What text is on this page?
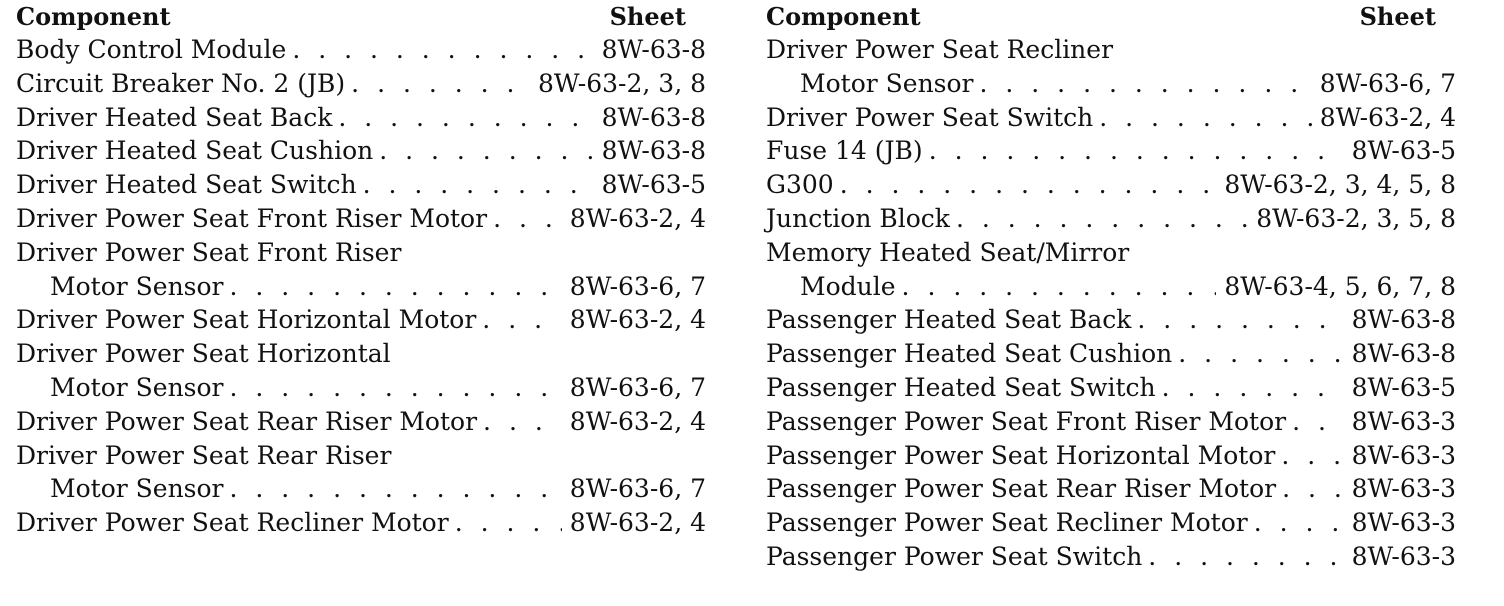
Component	Sheet
Body Control Module . . .	8W-63-8
Circuit Breaker No. 2 (JB) . . .	8W-63-2, 3, 8
Driver Heated Seat Back . . .	8W-63-8
Driver Heated Seat Cushion . . .	8W-63-8
Driver Heated Seat Switch . . .	8W-63-5
Driver Power Seat Front Riser Motor . . .	8W-63-2, 4
Driver Power Seat Front Riser
Motor Sensor . . .	8W-63-6, 7
Driver Power Seat Horizontal Motor . . .	8W-63-2, 4
Driver Power Seat Horizontal
Motor Sensor . . .	8W-63-6, 7
Driver Power Seat Rear Riser Motor . . .	8W-63-2, 4
Driver Power Seat Rear Riser
Motor Sensor . . .	8W-63-6, 7
Driver Power Seat Recliner Motor . . .	8W-63-2, 4
Component	Sheet
Driver Power Seat Recliner
Motor Sensor . . .	8W-63-6, 7
Driver Power Seat Switch . . .	8W-63-2, 4
Fuse 14 (JB) . . .	8W-63-5
G300 . . .	8W-63-2, 3, 4, 5, 8
Junction Block . . .	8W-63-2, 3, 5, 8
Memory Heated Seat/Mirror
Module . . .	8W-63-4, 5, 6, 7, 8
Passenger Heated Seat Back . . .	8W-63-8
Passenger Heated Seat Cushion . . .	8W-63-8
Passenger Heated Seat Switch . . .	8W-63-5
Passenger Power Seat Front Riser Motor . . .	8W-63-3
Passenger Power Seat Horizontal Motor . . .	8W-63-3
Passenger Power Seat Rear Riser Motor . . .	8W-63-3
Passenger Power Seat Recliner Motor . . .	8W-63-3
Passenger Power Seat Switch . . .	8W-63-3
